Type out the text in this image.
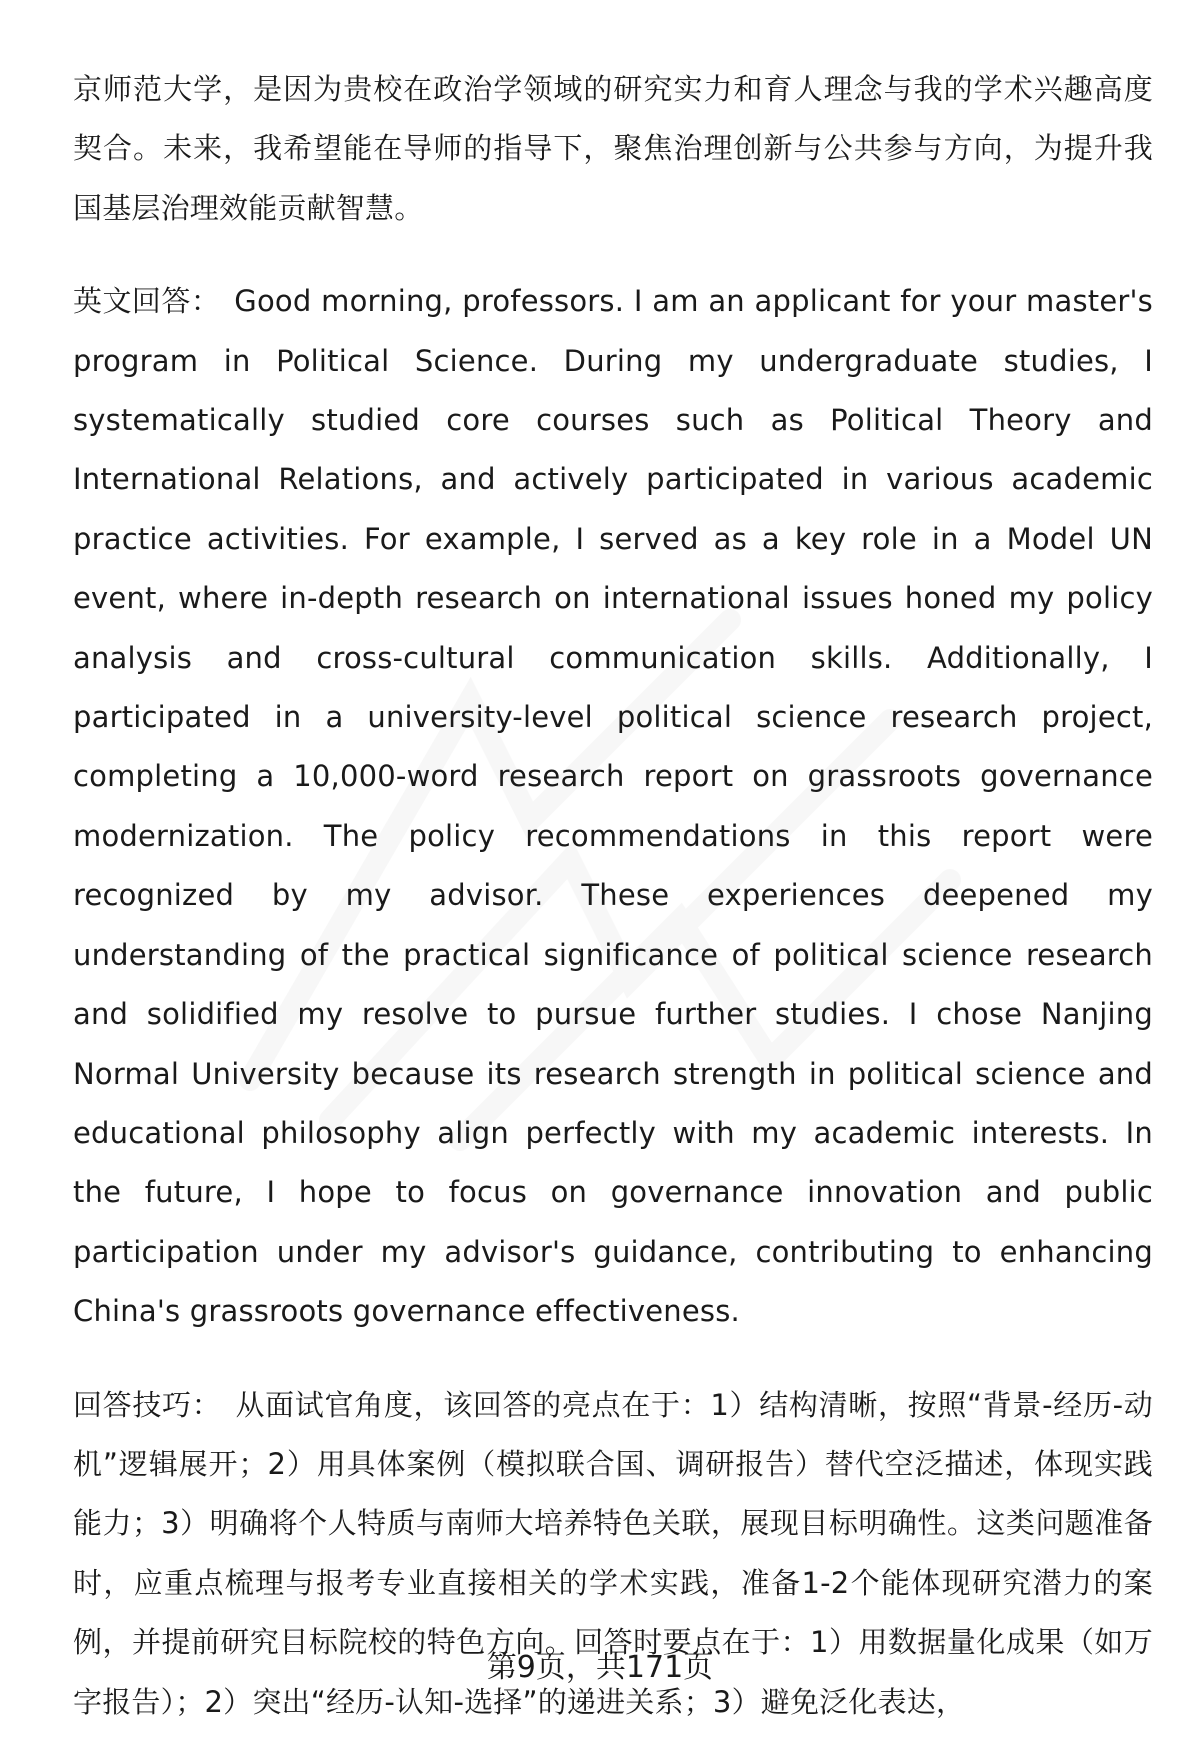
京师范大学，是因为贵校在政治学领域的研究实力和育人理念与我的学术兴趣高度契合。未来，我希望能在导师的指导下，聚焦治理创新与公共参与方向，为提升我国基层治理效能贡献智慧。

英文回答： Good morning, professors. I am an applicant for your master's program in Political Science. During my undergraduate studies, I systematically studied core courses such as Political Theory and International Relations, and actively participated in various academic practice activities. For example, I served as a key role in a Model UN event, where in-depth research on international issues honed my policy analysis and cross-cultural communication skills. Additionally, I participated in a university-level political science research project, completing a 10,000-word research report on grassroots governance modernization. The policy recommendations in this report were recognized by my advisor. These experiences deepened my understanding of the practical significance of political science research and solidified my resolve to pursue further studies. I chose Nanjing Normal University because its research strength in political science and educational philosophy align perfectly with my academic interests. In the future, I hope to focus on governance innovation and public participation under my advisor's guidance, contributing to enhancing China's grassroots governance effectiveness.

回答技巧： 从面试官角度，该回答的亮点在于：1）结构清晰，按照“背景-经历-动机”逻辑展开；2）用具体案例（模拟联合国、调研报告）替代空泛描述，体现实践能力；3）明确将个人特质与南师大培养特色关联，展现目标明确性。这类问题准备时，应重点梳理与报考专业直接相关的学术实践，准备1-2个能体现研究潜力的案例，并提前研究目标院校的特色方向。回答时要点在于：1）用数据量化成果（如万字报告）；2）突出“经历-认知-选择”的递进关系；3）避免泛化表达，

第9页，共171页
